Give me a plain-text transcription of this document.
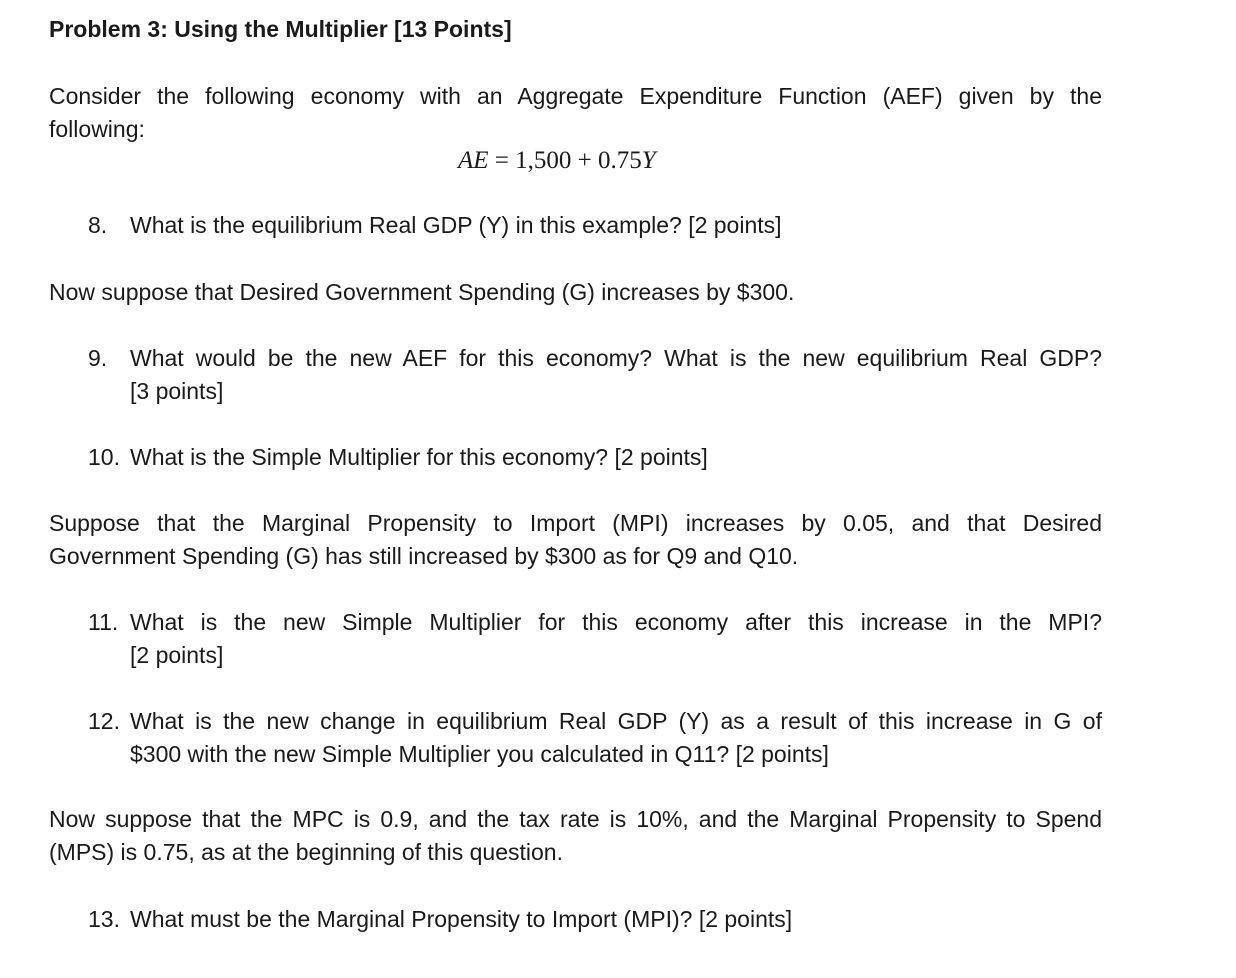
Problem 3: Using the Multiplier [13 Points]
Consider the following economy with an Aggregate Expenditure Function (AEF) given by the
following:
AE = 1,500 + 0.75Y
8. What is the equilibrium Real GDP (Y) in this example? [2 points]
Now suppose that Desired Government Spending (G) increases by $300.
9. What would be the new AEF for this economy? What is the new equilibrium Real GDP?
[3 points]
10. What is the Simple Multiplier for this economy? [2 points]
Suppose that the Marginal Propensity to Import (MPI) increases by 0.05, and that Desired
Government Spending (G) has still increased by $300 as for Q9 and Q10.
11. What is the new Simple Multiplier for this economy after this increase in the MPI?
[2 points]
12. What is the new change in equilibrium Real GDP (Y) as a result of this increase in G of
$300 with the new Simple Multiplier you calculated in Q11? [2 points]
Now suppose that the MPC is 0.9, and the tax rate is 10%, and the Marginal Propensity to Spend
(MPS) is 0.75, as at the beginning of this question.
13. What must be the Marginal Propensity to Import (MPI)? [2 points]
